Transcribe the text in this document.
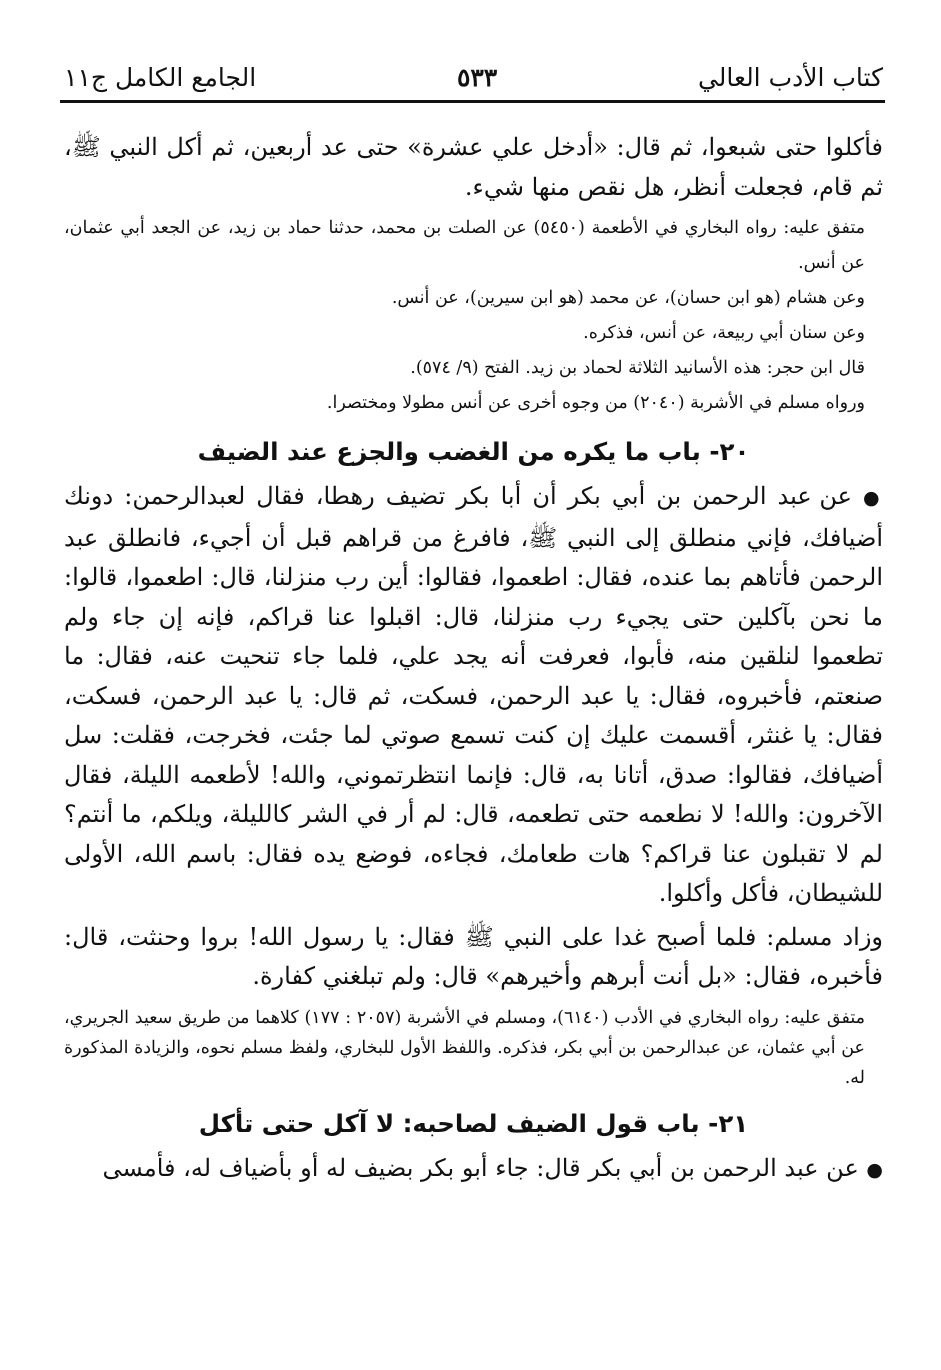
كتاب الأدب العالي
٥٣٣
الجامع الكامل ج١١

فأكلوا حتى شبعوا، ثم قال: «أدخل علي عشرة» حتى عد أربعين، ثم أكل النبي ﷺ، ثم قام، فجعلت أنظر، هل نقص منها شيء.

متفق عليه: رواه البخاري في الأطعمة (٥٤٥٠) عن الصلت بن محمد، حدثنا حماد بن زيد، عن الجعد أبي عثمان، عن أنس.

وعن هشام (هو ابن حسان)، عن محمد (هو ابن سيرين)، عن أنس.

وعن سنان أبي ربيعة، عن أنس، فذكره.

قال ابن حجر: هذه الأسانيد الثلاثة لحماد بن زيد. الفتح (٩/ ٥٧٤).

ورواه مسلم في الأشربة (٢٠٤٠) من وجوه أخرى عن أنس مطولا ومختصرا.

٢٠- باب ما يكره من الغضب والجزع عند الضيف

● عن عبد الرحمن بن أبي بكر أن أبا بكر تضيف رهطا، فقال لعبدالرحمن: دونك أضيافك، فإني منطلق إلى النبي ﷺ، فافرغ من قراهم قبل أن أجيء، فانطلق عبد الرحمن فأتاهم بما عنده، فقال: اطعموا، فقالوا: أين رب منزلنا، قال: اطعموا، قالوا: ما نحن بآكلين حتى يجيء رب منزلنا، قال: اقبلوا عنا قراكم، فإنه إن جاء ولم تطعموا لنلقين منه، فأبوا، فعرفت أنه يجد علي، فلما جاء تنحيت عنه، فقال: ما صنعتم، فأخبروه، فقال: يا عبد الرحمن، فسكت، ثم قال: يا عبد الرحمن، فسكت، فقال: يا غنثر، أقسمت عليك إن كنت تسمع صوتي لما جئت، فخرجت، فقلت: سل أضيافك، فقالوا: صدق، أتانا به، قال: فإنما انتظرتموني، والله! لأطعمه الليلة، فقال الآخرون: والله! لا نطعمه حتى تطعمه، قال: لم أر في الشر كالليلة، ويلكم، ما أنتم؟ لم لا تقبلون عنا قراكم؟ هات طعامك، فجاءه، فوضع يده فقال: باسم الله، الأولى للشيطان، فأكل وأكلوا.

وزاد مسلم: فلما أصبح غدا على النبي ﷺ فقال: يا رسول الله! بروا وحنثت، قال: فأخبره، فقال: «بل أنت أبرهم وأخيرهم» قال: ولم تبلغني كفارة.

متفق عليه: رواه البخاري في الأدب (٦١٤٠)، ومسلم في الأشربة (٢٠٥٧ : ١٧٧) كلاهما من طريق سعيد الجريري، عن أبي عثمان، عن عبدالرحمن بن أبي بكر، فذكره. واللفظ الأول للبخاري، ولفظ مسلم نحوه، والزيادة المذكورة له.

٢١- باب قول الضيف لصاحبه: لا آكل حتى تأكل

● عن عبد الرحمن بن أبي بكر قال: جاء أبو بكر بضيف له أو بأضياف له، فأمسى
